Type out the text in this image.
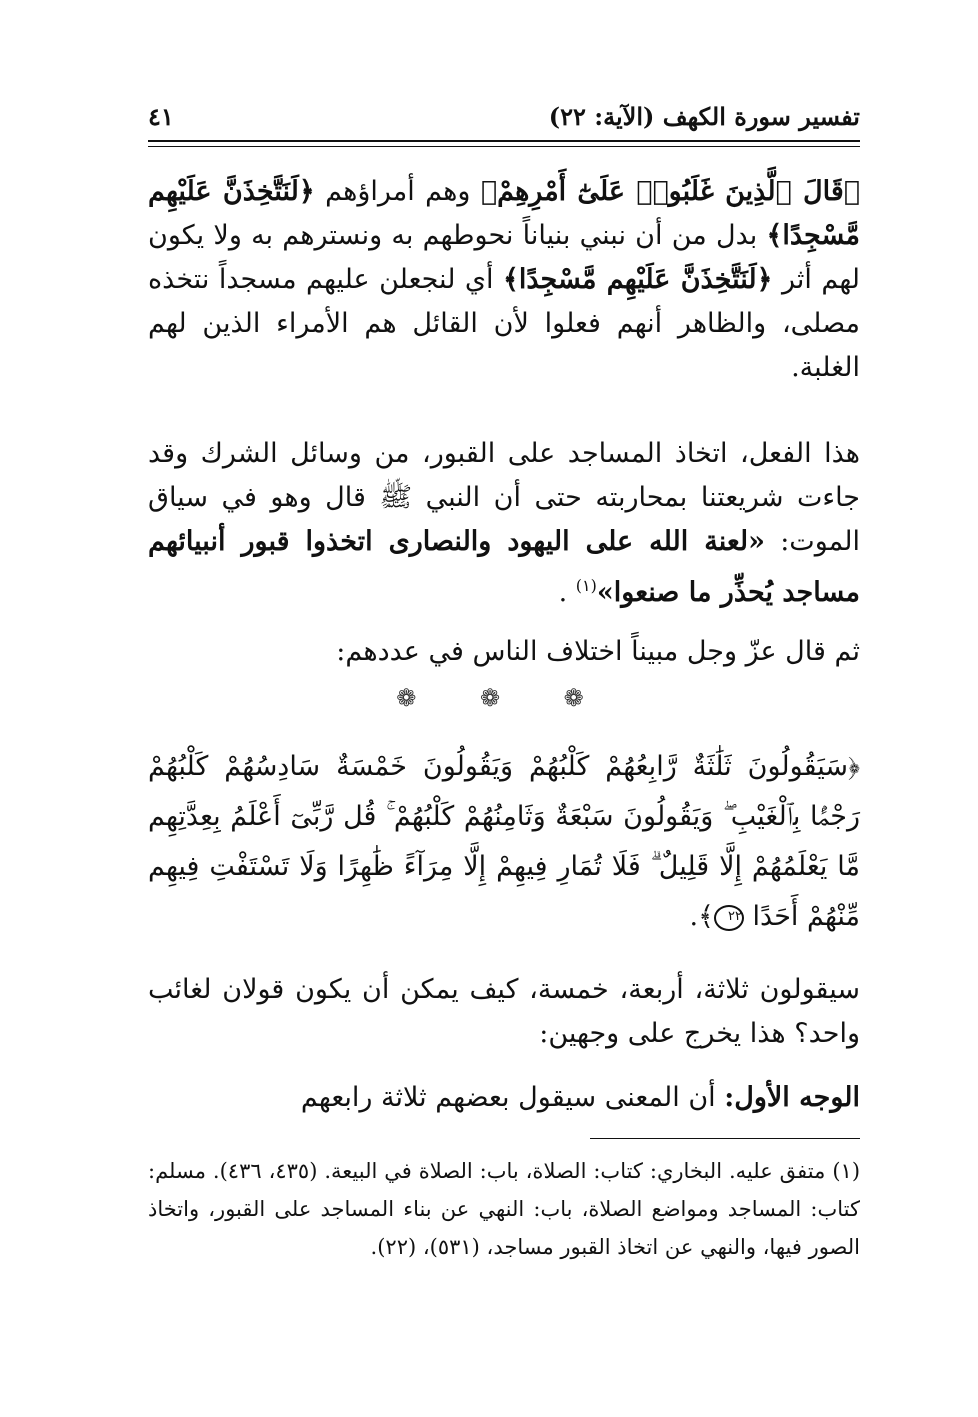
تفسير سورة الكهف (الآية: ٢٢)
٤١
﴿قَالَ ٱلَّذِينَ غَلَبُوا۟ عَلَىٰٓ أَمْرِهِمْ﴾ وهم أمراؤهم ﴿لَنَتَّخِذَنَّ عَلَيْهِم مَّسْجِدًا﴾ بدل من أن نبني بنياناً نحوطهم به ونسترهم به ولا يكون لهم أثر ﴿لَنَتَّخِذَنَّ عَلَيْهِم مَّسْجِدًا﴾ أي لنجعلن عليهم مسجداً نتخذه مصلى، والظاهر أنهم فعلوا لأن القائل هم الأمراء الذين لهم الغلبة.
هذا الفعل، اتخاذ المساجد على القبور، من وسائل الشرك وقد جاءت شريعتنا بمحاربته حتى أن النبي ﷺ قال وهو في سياق الموت: «لعنة الله على اليهود والنصارى اتخذوا قبور أنبيائهم مساجد يُحذِّر ما صنعوا»$^{(١)}$ .
ثم قال عزّ وجل مبيناً اختلاف الناس في عددهم:
❁ ❁ ❁
﴿سَيَقُولُونَ ثَلَٰثَةٌ رَّابِعُهُمْ كَلْبُهُمْ وَيَقُولُونَ خَمْسَةٌ سَادِسُهُمْ كَلْبُهُمْ رَجْمًۢا بِٱلْغَيْبِ ۖ وَيَقُولُونَ سَبْعَةٌ وَثَامِنُهُمْ كَلْبُهُمْ ۚ قُل رَّبِّىٓ أَعْلَمُ بِعِدَّتِهِم مَّا يَعْلَمُهُمْ إِلَّا قَلِيلٌ ۗ فَلَا تُمَارِ فِيهِمْ إِلَّا مِرَآءً ظَٰهِرًا وَلَا تَسْتَفْتِ فِيهِم مِّنْهُمْ أَحَدًا ٢٢﴾.
سيقولون ثلاثة، أربعة، خمسة، كيف يمكن أن يكون قولان لغائب واحد؟ هذا يخرج على وجهين:
الوجه الأول: أن المعنى سيقول بعضهم ثلاثة رابعهم
(١) متفق عليه. البخاري: كتاب: الصلاة، باب: الصلاة في البيعة. (٤٣٥، ٤٣٦). مسلم: كتاب: المساجد ومواضع الصلاة، باب: النهي عن بناء المساجد على القبور، واتخاذ الصور فيها، والنهي عن اتخاذ القبور مساجد، (٥٣١)، (٢٢).
